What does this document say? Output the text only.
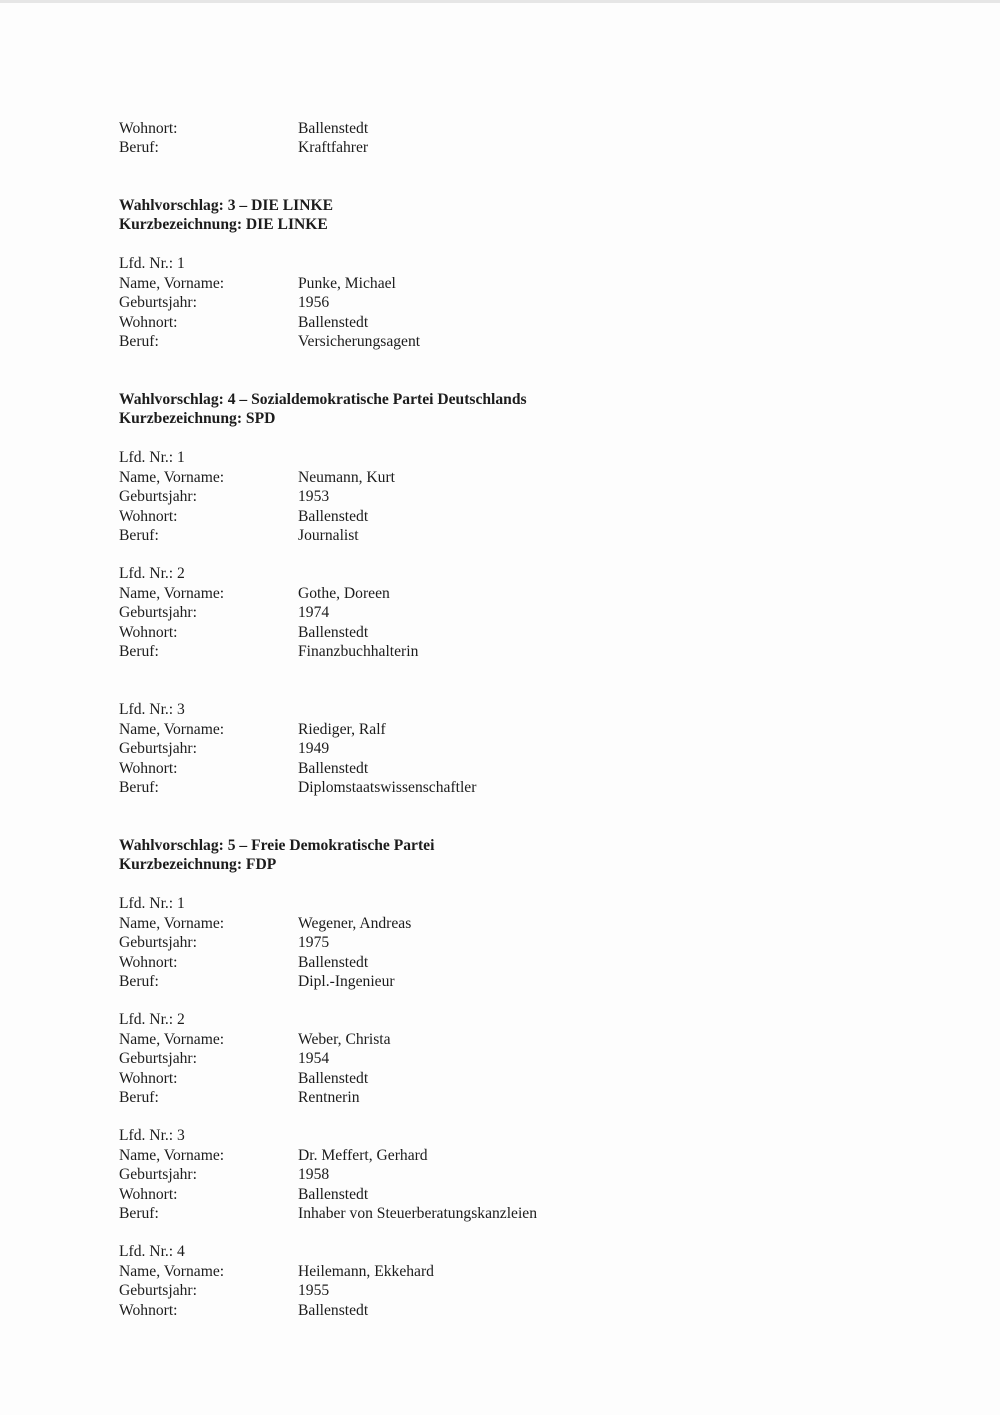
Wohnort:	Ballenstedt
Beruf:	Kraftfahrer
Wahlvorschlag: 3 – DIE LINKE
Kurzbezeichnung: DIE LINKE
Lfd. Nr.: 1
Name, Vorname:	Punke, Michael
Geburtsjahr:	1956
Wohnort:	Ballenstedt
Beruf:	Versicherungsagent
Wahlvorschlag: 4 – Sozialdemokratische Partei Deutschlands
Kurzbezeichnung: SPD
Lfd. Nr.: 1
Name, Vorname:	Neumann, Kurt
Geburtsjahr:	1953
Wohnort:	Ballenstedt
Beruf:	Journalist
Lfd. Nr.: 2
Name, Vorname:	Gothe, Doreen
Geburtsjahr:	1974
Wohnort:	Ballenstedt
Beruf:	Finanzbuchhalterin
Lfd. Nr.: 3
Name, Vorname:	Riediger, Ralf
Geburtsjahr:	1949
Wohnort:	Ballenstedt
Beruf:	Diplomstaatswissenschaftler
Wahlvorschlag: 5 – Freie Demokratische Partei
Kurzbezeichnung: FDP
Lfd. Nr.: 1
Name, Vorname:	Wegener, Andreas
Geburtsjahr:	1975
Wohnort:	Ballenstedt
Beruf:	Dipl.-Ingenieur
Lfd. Nr.: 2
Name, Vorname:	Weber, Christa
Geburtsjahr:	1954
Wohnort:	Ballenstedt
Beruf:	Rentnerin
Lfd. Nr.: 3
Name, Vorname:	Dr. Meffert, Gerhard
Geburtsjahr:	1958
Wohnort:	Ballenstedt
Beruf:	Inhaber von Steuerberatungskanzleien
Lfd. Nr.: 4
Name, Vorname:	Heilemann, Ekkehard
Geburtsjahr:	1955
Wohnort:	Ballenstedt
